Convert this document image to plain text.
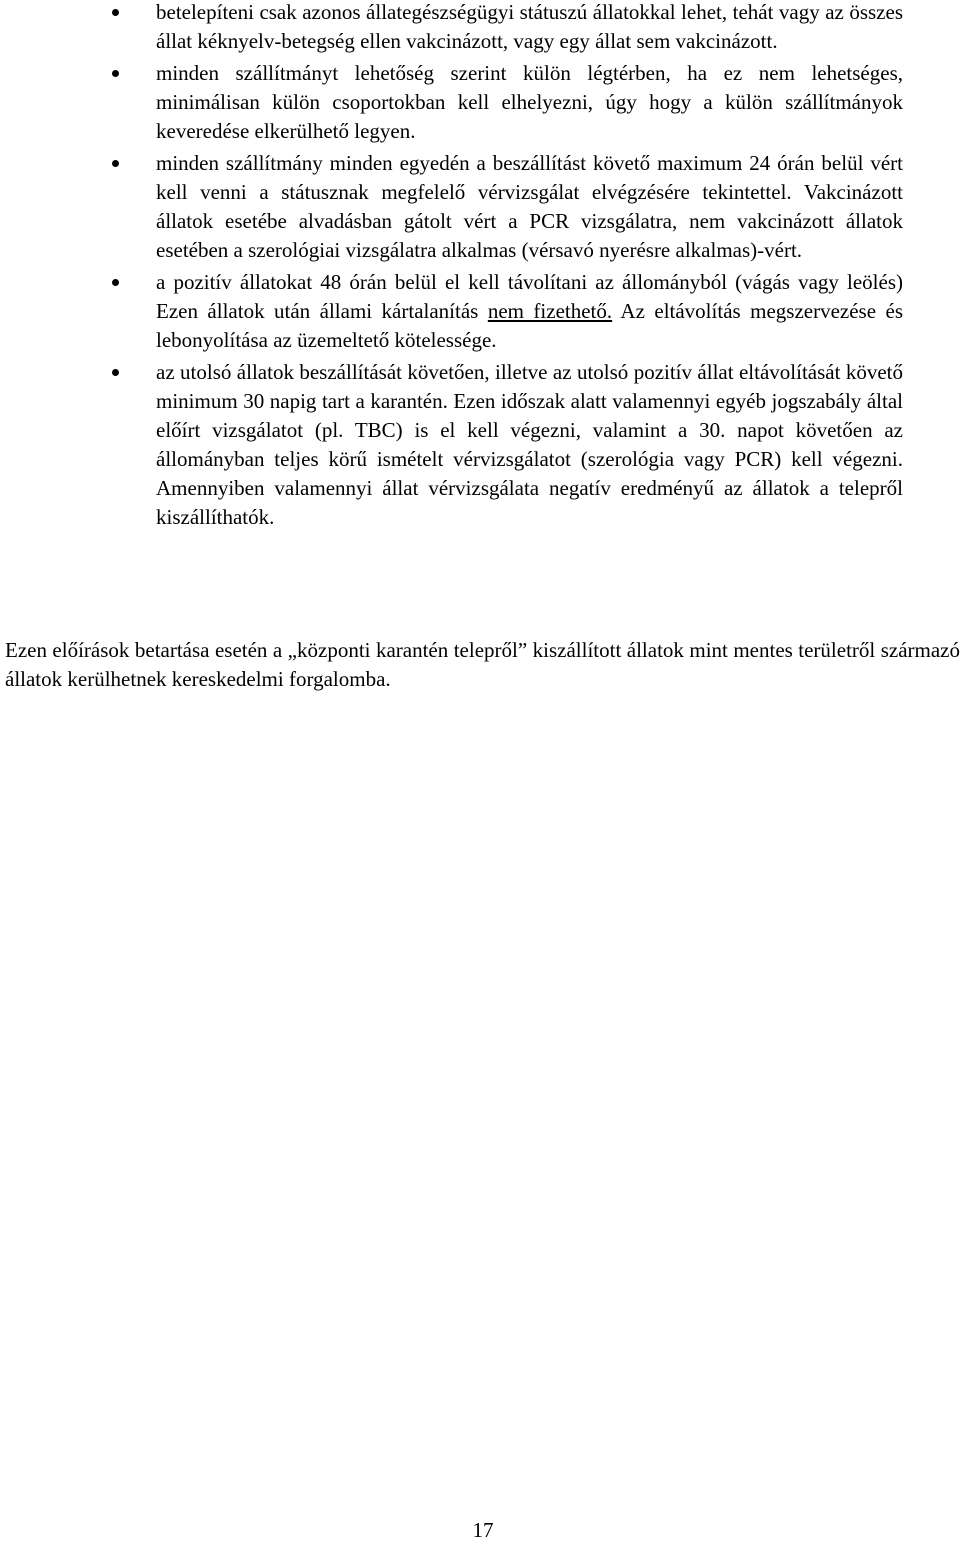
betelepíteni csak azonos állategészségügyi státuszú állatokkal lehet, tehát vagy az összes állat kéknyelv-betegség ellen vakcinázott, vagy egy állat sem vakcinázott.
minden szállítmányt lehetőség szerint külön légtérben, ha ez nem lehetséges, minimálisan külön csoportokban kell elhelyezni, úgy hogy a külön szállítmányok keveredése elkerülhető legyen.
minden szállítmány minden egyedén a beszállítást követő maximum 24 órán belül vért kell venni a státusznak megfelelő vérvizsgálat elvégzésére tekintettel. Vakcinázott állatok esetébe alvadásban gátolt vért a PCR vizsgálatra, nem vakcinázott állatok esetében a szerológiai vizsgálatra alkalmas (vérsavó nyerésre alkalmas)-vért.
a pozitív állatokat 48 órán belül el kell távolítani az állományból (vágás vagy leölés) Ezen állatok után állami kártalanítás nem fizethető. Az eltávolítás megszervezése és lebonyolítása az üzemeltető kötelessége.
az utolsó állatok beszállítását követően, illetve az utolsó pozitív állat eltávolítását követő minimum 30 napig tart a karantén. Ezen időszak alatt valamennyi egyéb jogszabály által előírt vizsgálatot (pl. TBC) is el kell végezni, valamint a 30. napot követően az állományban teljes körű ismételt vérvizsgálatot (szerológia vagy PCR) kell végezni. Amennyiben valamennyi állat vérvizsgálata negatív eredményű az állatok a telepről kiszállíthatók.

Ezen előírások betartása esetén a „központi karantén telepről” kiszállított állatok mint mentes területről származó állatok kerülhetnek kereskedelmi forgalomba.

17
